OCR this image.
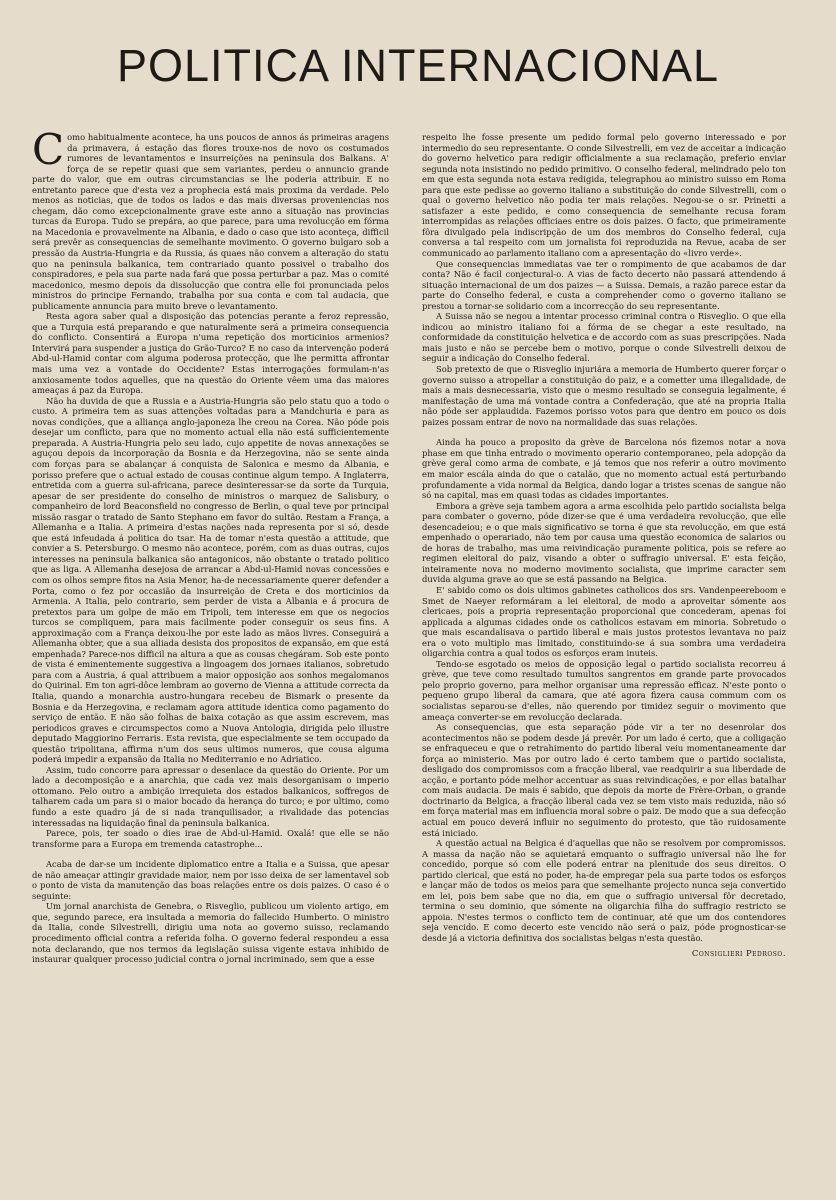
POLITICA INTERNACIONAL

Como habitualmente acontece, ha uns poucos de annos ás primeiras aragens da primavera, á estação das flores trouxe-nos de novo os costumados rumores de levantamentos e insurreições na peninsula dos Balkans. A' força de se repetir quasi que sem variantes, perdeu o annuncio grande parte do valor, que em outras circumstancias se lhe poderia attribuir. E no entretanto parece que d'esta vez a prophecia está mais proxima da verdade. Pelo menos as noticias, que de todos os lados e das mais diversas proveniencias nos chegam, dão como excepcionalmente grave este anno a situação nas provincias turcas da Europa. Tudo se prepára, ao que parece, para uma revolucção em fórma na Macedonia e provavelmente na Albania, e dado o caso que isto aconteça, difficil será prevêr as consequencias de semelhante movimento. O governo bulgaro sob a pressão da Austria-Hungria e da Russia, ás quaes não convem a alteração do statu quo na peninsula balkanica, tem contrariado quanto possivel o trabalho dos conspiradores, e pela sua parte nada fará que possa perturbar a paz. Mas o comité macedonico, mesmo depois da dissolucção que contra elle foi pronunciada pelos ministros do principe Fernando, trabalha por sua conta e com tal audacia, que publicamente annuncia para muito breve o levantamento.

Resta agora saber qual a disposição das potencias perante a feroz repressão, que a Turquia está preparando e que naturalmente será a primeira consequencia do conflicto. Consentirá a Europa n'uma repetição dos morticinios armenios? Intervirá para suspender a justiça do Grão-Turco? E no caso da intervenção poderá Abd-ul-Hamid contar com alguma poderosa protecção, que lhe permitta affrontar mais uma vez a vontade do Occidente? Estas interrogações formulam-n'as anxiosamente todos aquelles, que na questão do Oriente vêem uma das maiores ameaças á paz da Europa.

Não ha duvida de que a Russia e a Austria-Hungria são pelo statu quo a todo o custo. A primeira tem as suas attenções voltadas para a Mandchuria e para as novas condições, que a alliança anglo-japoneza lhe creou na Corea. Não póde pois desejar um conflicto, para que no momento actual ella não está sufficientemente preparada. A Austria-Hungria pelo seu lado, cujo appetite de novas annexações se aguçou depois da incorporação da Bosnia e da Herzegovina, não se sente ainda com forças para se abalançar á conquista de Salonica e mesmo da Albania, e porisso prefere que o actual estado de cousas continue algum tempo. A Inglaterra, entretida com a guerra sul-africana, parece desinteressar-se da sorte da Turquia, apesar de ser presidente do conselho de ministros o marquez de Salisbury, o companheiro de lord Beaconsfield no congresso de Berlin, o qual teve por principal missão rasgar o tratado de Santo Stephano em favor do sultão. Restam a França, a Allemanha e a Italia. A primeira d'estas nações nada representa por si só, desde que está infeudada á politica do tsar. Ha de tomar n'esta questão a attitude, que convier a S. Petersburgo. O mesmo não acontece, porém, com as duas outras, cujos interesses na peninsula balkanica são antagonicos, não obstante o tratado politico que as liga. A Allemanha desejosa de arrancar a Abd-ul-Hamid novas concessões e com os olhos sempre fitos na Asia Menor, ha-de necessariamente querer defender a Porta, como o fez por occasião da insurreição de Creta e dos morticinios da Armenia. A Italia, pelo contrario, sem perder de vista a Albania e á procura de pretextos para um golpe de mão em Tripoli, tem interesse em que os negocios turcos se compliquem, para mais facilmente poder conseguir os seus fins. A approximação com a França deixou-lhe por este lado as mãos livres. Conseguirá a Allemanha obter, que a sua alliada desista dos propositos de expansão, em que está empenhada? Parece-nos difficil na altura a que as cousas chegáram. Sob este ponto de vista é eminentemente suggestiva a lingoagem dos jornaes italianos, sobretudo para com a Austria, á qual attribuem a maior opposição aos sonhos megalomanos do Quirinal. Em ton agri-dôce lembram ao governo de Vienna a attitude correcta da Italia, quando a monarchia austro-hungara recebeu de Bismark o presente da Bosnia e da Herzegovina, e reclamam agora attitude identica como pagamento do serviço de então. E não são folhas de baixa cotação as que assim escrevem, mas periodicos graves e circumspectos como a Nuova Antologia, dirigida pelo illustre deputado Maggiorino Ferraris. Esta revista, que especialmente se tem occupado da questão tripolitana, affirma n'um dos seus ultimos numeros, que cousa alguma poderá impedir a expansão da Italia no Mediterranio e no Adriatico.

Assim, tudo concorre para apressar o desenlace da questão do Oriente. Por um lado a decomposição e a anarchia, que cada vez mais desorganisam o imperio ottomano. Pelo outro a ambição irrequieta dos estados balkanicos, soffregos de talharem cada um para si o maior bocado da herança do turco; e por ultimo, como fundo a este quadro já de si nada tranquilisador, a rivalidade das potencias interessadas na liquidação final da peninsula balkanica.

Parece, pois, ter soado o dies irae de Abd-ul-Hamid. Oxalá! que elle se não transforme para a Europa em tremenda catastrophe...

Acaba de dar-se um incidente diplomatico entre a Italia e a Suissa, que apesar de não ameaçar attingir gravidade maior, nem por isso deixa de ser lamentavel sob o ponto de vista da manutenção das boas relações entre os dois paizes. O caso é o seguinte:

Um jornal anarchista de Genebra, o Risveglio, publicou um violento artigo, em que, segundo parece, era insultada a memoria do fallecido Humberto. O ministro da Italia, conde Silvestrelli, dirigiu uma nota ao governo suisso, reclamando procedimento official contra a referida folha. O governo federal respondeu a essa nota declarando, que nos termos da legislação suissa vigente estava inhibido de instaurar qualquer processo judicial contra o jornal incriminado, sem que a esse

respeito lhe fosse presente um pedido formal pelo governo interessado e por intermedio do seu representante. O conde Silvestrelli, em vez de acceitar a indicação do governo helvetico para redigir officialmente a sua reclamação, preferio enviar segunda nota insistindo no pedido primitivo. O conselho federal, melindrado pelo ton em que esta segunda nota estava redigida, telegraphou ao ministro suisso em Roma para que este pedisse ao governo italiano a substituição do conde Silvestrelli, com o qual o governo helvetico não podia ter mais relações. Negou-se o sr. Prinetti a satisfazer a este pedido, e como consequencia de semelhante recusa foram interrompidas as relações officiaes entre os dois paizes. O facto, que primeiramente fôra divulgado pela indiscripção de um dos membros do Conselho federal, cuja conversa a tal respeito com um jornalista foi reproduzida na Revue, acaba de ser communicado ao parlamento italiano com a apresentação do «livro verde».

Que consequencias immediatas vae ter o rompimento de que acabamos de dar conta? Não é facil conjectural-o. A vias de facto decerto não passará attendendo á situação internacional de um dos paizes — a Suissa. Demais, a razão parece estar da parte do Conselho federal, e custa a comprehender como o governo italiano se prestou a tornar-se solidario com a incorrecção do seu representante.

A Suissa não se negou a intentar processo criminal contra o Risveglio. O que ella indicou ao ministro italiano foi a fórma de se chegar a este resultado, na conformidade da constituição helvetica e de accordo com as suas prescripções. Nada mais justo e não se percebe bem o motivo, porque o conde Silvestrelli deixou de seguir a indicação do Conselho federal.

Sob pretexto de que o Risveglio injuriára a memoria de Humberto querer forçar o governo suisso a atropellar a constituição do paiz, e a cometter uma illegalidade, de mais a mais desnecessaria, visto que o mesmo resultado se conseguia legalmente, é manifestação de uma má vontade contra a Confederação, que até na propria Italia não póde ser applaudida. Fazemos porisso votos para que dentro em pouco os dois paizes possam entrar de novo na normalidade das suas relações.

Ainda ha pouco a proposito da grève de Barcelona nós fizemos notar a nova phase em que tinha entrado o movimento operario contemporaneo, pela adopção da grève geral como arma de combate, e já temos que nos referir a outro movimento em maior escála ainda do que o catalão, que no momento actual está perturbando profundamente a vida normal da Belgica, dando logar a tristes scenas de sangue não só na capital, mas em quasi todas as cidades importantes.

Embora a grève seja tambem agora a arma escolhida pelo partido socialista belga para combater o governo, póde dizer-se que é uma verdadeira revolucção, que elle desencadeiou; e o que mais significativo se torna é que sta revolucção, em que está empenhado o operariado, não tem por causa uma questão economica de salarios ou de horas de trabalho, mas uma reivindicação puramente politica, pois se refere ao regimen eleitoral do paiz, visando a obter o suffragio universal. E' esta feição, inteiramente nova no moderno movimento socialista, que imprime caracter sem duvida alguma grave ao que se está passando na Belgica.

E' sabido como os dois ultimos gabinetes catholicos dos srs. Vandenpeereboom e Smet de Naeyer reformáram a lei eleitoral, de modo a aproveitar sómente aos clericaes, pois a propria representação proporcional que concederam, apenas foi applicada a algumas cidades onde os catholicos estavam em minoria. Sobretudo o que mais escandalisava o partido liberal e mais justos protestos levantava no paiz era o voto multiplo mas limitado, constituindo-se á sua sombra uma verdadeira oligarchia contra a qual todos os esforços eram inuteis.

Tendo-se esgotado os meios de opposição legal o partido socialista recorreu á grève, que teve como resultado tumultos sangrentos em grande parte provocados pelo proprio governo, para melhor organisar uma repressão efficaz. N'este ponto o pequeno grupo liberal da camara, que até agora fizera causa commum com os socialistas separou-se d'elles, não querendo por timidez seguir o movimento que ameaça converter-se em revolucção declarada.

As consequencias, que esta separação póde vir a ter no desenrolar dos acontecimentos não se podem desde já prevêr. Por um lado é certo, que a colligação se enfraqueceu e que o retrahimento do partido liberal veiu momentaneamente dar força ao ministerio. Mas por outro lado é certo tambem que o partido socialista, desligado dos compromissos com a fracção liberal, vae readquirir a sua liberdade de acção, e portanto póde melhor accentuar as suas reivindicações, e por ellas batalhar com mais audacia. De mais é sabido, que depois da morte de Frère-Orban, o grande doctrinario da Belgica, a fracção liberal cada vez se tem visto mais reduzida, não só em força material mas em influencia moral sobre o paiz. De modo que a sua defecção actual em pouco deverá influir no seguimento do protesto, que tão ruidosamente está iniciado.

A questão actual na Belgica é d'aquellas que não se resolvem por compromissos. A massa da nação não se aquietará emquanto o suffragio universal não lhe for concedido, porque só com elle poderá entrar na plenitude dos seus direitos. O partido clerical, que está no poder, ha-de empregar pela sua parte todos os esforços e lançar mão de todos os meios para que semelhante projecto nunca seja convertido em lei, pois bem sabe que no dia, em que o suffragio universal fôr decretado, termina o seu dominio, que sómente na oligarchia filha do suffragio restricto se appoia. N'estes termos o conflicto tem de continuar, até que um dos contendores seja vencido. E como decerto este vencido não será o paiz, póde prognosticar-se desde já a victoria definitiva dos socialistas belgas n'esta questão.

Consiglieri Pedroso.
